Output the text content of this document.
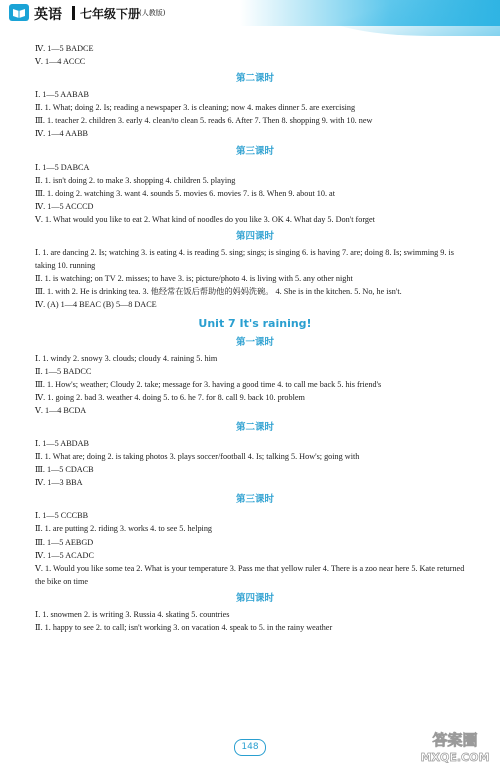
英语 七年级下册
(人教版)
Ⅳ. 1—5 BADCE
Ⅴ. 1—4 ACCC
第二课时
Ⅰ. 1—5 AABAB
Ⅱ. 1. What; doing 2. Is; reading a newspaper 3. is cleaning; now 4. makes dinner 5. are exercising
Ⅲ. 1. teacher 2. children 3. early 4. clean/to clean 5. reads 6. After 7. Then 8. shopping 9. with 10. new
Ⅳ. 1—4 AABB
第三课时
Ⅰ. 1—5 DABCA
Ⅱ. 1. isn't doing 2. to make 3. shopping 4. children 5. playing
Ⅲ. 1. doing 2. watching 3. want 4. sounds 5. movies 6. movies 7. is 8. When 9. about 10. at
Ⅳ. 1—5 ACCCD
Ⅴ. 1. What would you like to eat 2. What kind of noodles do you like 3. OK 4. What day 5. Don't forget
第四课时
Ⅰ. 1. are dancing 2. Is; watching 3. is eating 4. is reading 5. sing; sings; is singing 6. is having 7. are; doing 8. Is; swimming 9. is taking 10. running
Ⅱ. 1. is watching; on TV 2. misses; to have 3. is; picture/photo 4. is living with 5. any other night
Ⅲ. 1. with 2. He is drinking tea. 3. 他经常在饭后帮助他的妈妈洗碗。 4. She is in the kitchen. 5. No, he isn't.
Ⅳ. (A) 1—4 BEAC (B) 5—8 DACE
Unit 7 It's raining!
第一课时
Ⅰ. 1. windy 2. snowy 3. clouds; cloudy 4. raining 5. him
Ⅱ. 1—5 BADCC
Ⅲ. 1. How's; weather; Cloudy 2. take; message for 3. having a good time 4. to call me back 5. his friend's
Ⅳ. 1. going 2. bad 3. weather 4. doing 5. to 6. he 7. for 8. call 9. back 10. problem
Ⅴ. 1—4 BCDA
第二课时
Ⅰ. 1—5 ABDAB
Ⅱ. 1. What are; doing 2. is taking photos 3. plays soccer/football 4. Is; talking 5. How's; going with
Ⅲ. 1—5 CDACB
Ⅳ. 1—3 BBA
第三课时
Ⅰ. 1—5 CCCBB
Ⅱ. 1. are putting 2. riding 3. works 4. to see 5. helping
Ⅲ. 1—5 AEBGD
Ⅳ. 1—5 ACADC
Ⅴ. 1. Would you like some tea 2. What is your temperature 3. Pass me that yellow ruler 4. There is a zoo near here 5. Kate returned the bike on time
第四课时
Ⅰ. 1. snowmen 2. is writing 3. Russia 4. skating 5. countries
Ⅱ. 1. happy to see 2. to call; isn't working 3. on vacation 4. speak to 5. in the rainy weather
148	答案圈
MXQE.COM
